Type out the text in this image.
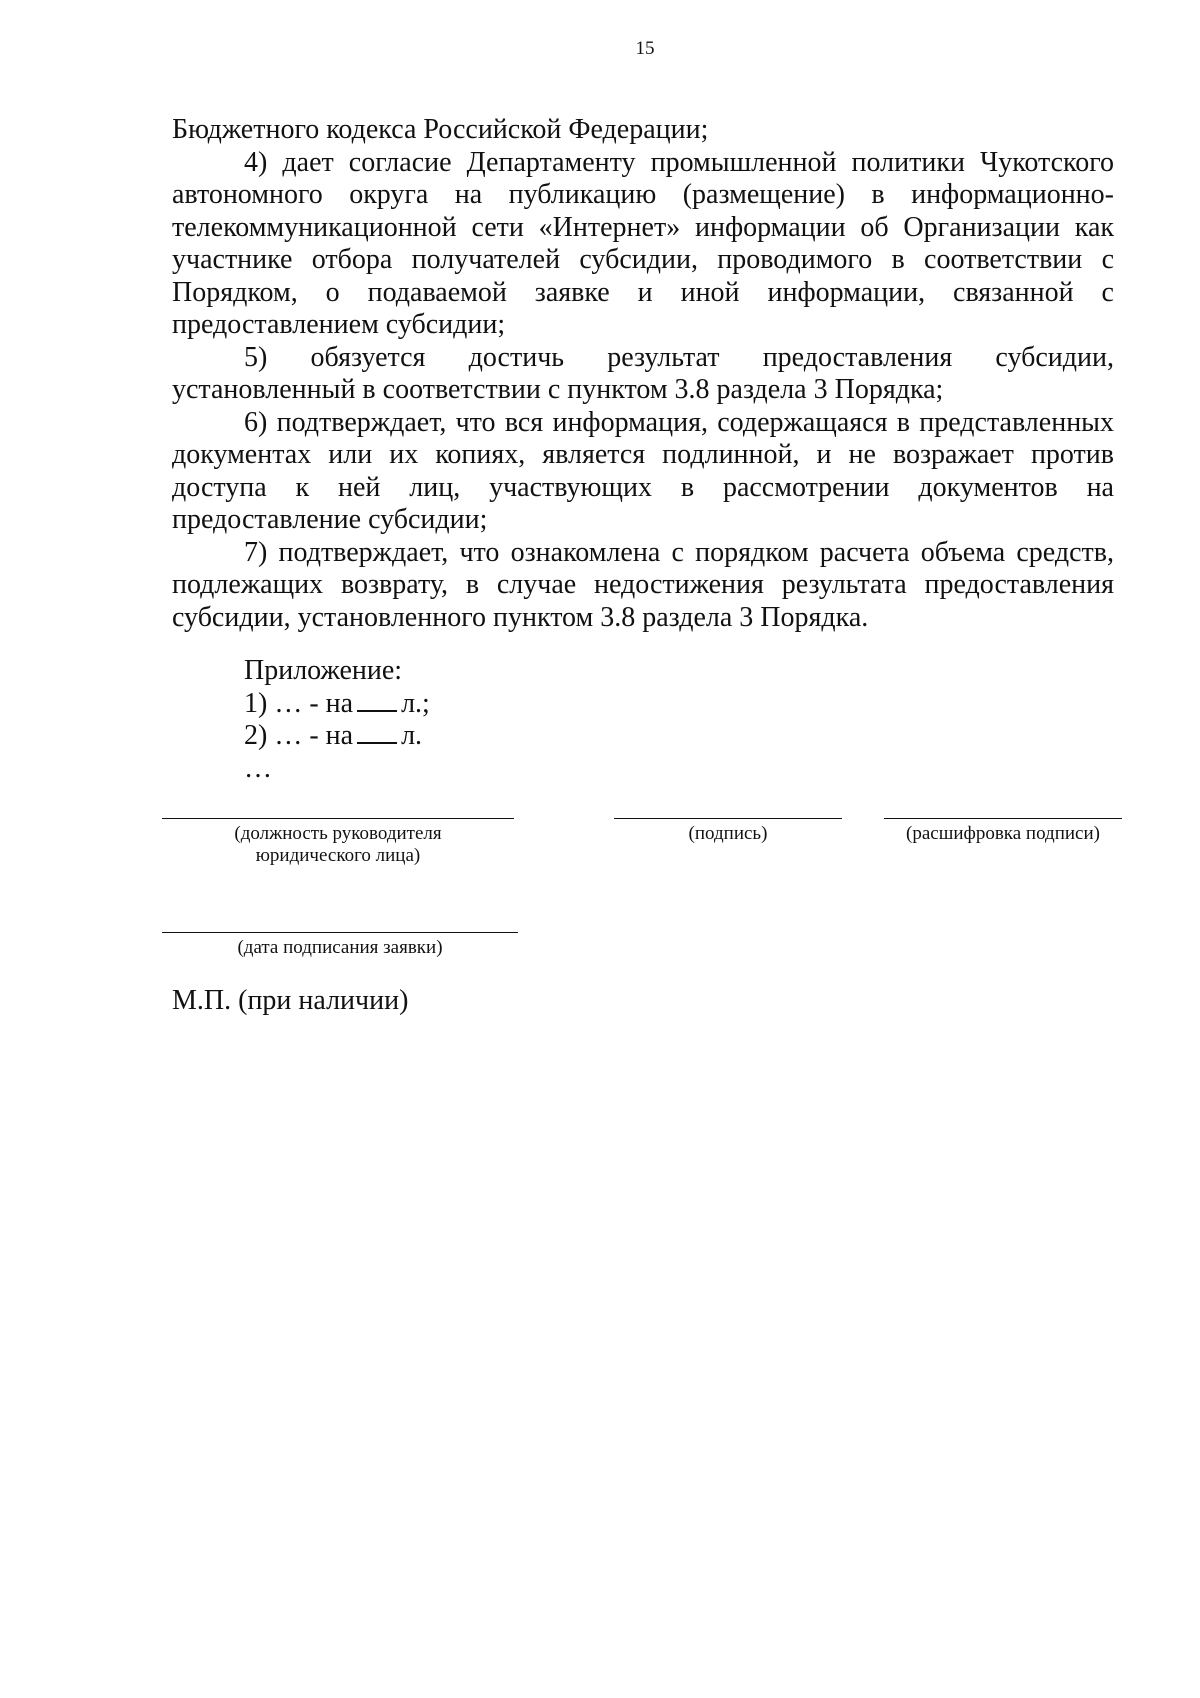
15

Бюджетного кодекса Российской Федерации;

4) дает согласие Департаменту промышленной политики Чукотского автономного округа на публикацию (размещение) в информационно-телекоммуникационной сети «Интернет» информации об Организации как участнике отбора получателей субсидии, проводимого в соответствии с Порядком, о подаваемой заявке и иной информации, связанной с предоставлением субсидии;

5) обязуется достичь результат предоставления субсидии, установленный в соответствии с пунктом 3.8 раздела 3 Порядка;

6) подтверждает, что вся информация, содержащаяся в представленных документах или их копиях, является подлинной, и не возражает против доступа к ней лиц, участвующих в рассмотрении документов на предоставление субсидии;

7) подтверждает, что ознакомлена с порядком расчета объема средств, подлежащих возврату, в случае недостижения результата предоставления субсидии, установленного пунктом 3.8 раздела 3 Порядка.

Приложение:
1) … - на л.;
2) … - на л.
…
(должность руководителя юридического лица)
(подпись)	(расшифровка подписи)
(дата подписания заявки)
М.П. (при наличии)
